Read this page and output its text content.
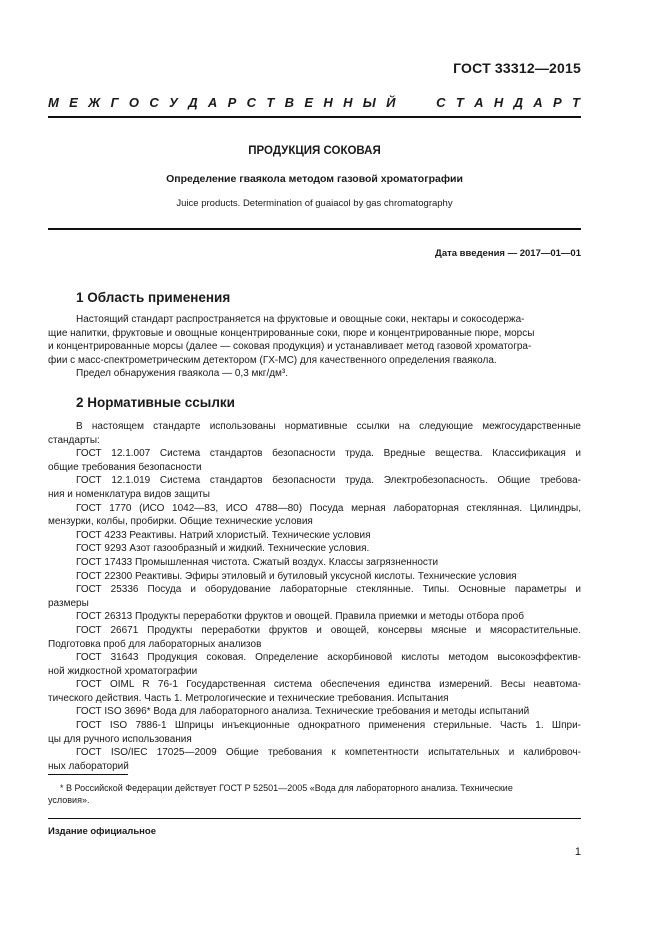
ГОСТ 33312—2015
М Е Ж Г О С У Д А Р С Т В Е Н Н Ы Й	С Т А Н Д А Р Т
ПРОДУКЦИЯ СОКОВАЯ
Определение гваякола методом газовой хроматографии
Juice products. Determination of guaiacol by gas chromatography
Дата введения — 2017—01—01
1 Область применения
Настоящий стандарт распространяется на фруктовые и овощные соки, нектары и сокосодержа-
щие напитки, фруктовые и овощные концентрированные соки, пюре и концентрированные пюре, морсы
и концентрированные морсы (далее — соковая продукция) и устанавливает метод газовой хроматогра-
фии с масс-спектрометрическим детектором (ГХ-МС) для качественного определения гваякола.
Предел обнаружения гваякола — 0,3 мкг/дм³.
2 Нормативные ссылки
В настоящем стандарте использованы нормативные ссылки на следующие межгосударственные
стандарты:
ГОСТ 12.1.007 Система стандартов безопасности труда. Вредные вещества. Классификация и
общие требования безопасности
ГОСТ 12.1.019 Система стандартов безопасности труда. Электробезопасность. Общие требова-
ния и номенклатура видов защиты
ГОСТ 1770 (ИСО 1042—83, ИСО 4788—80) Посуда мерная лабораторная стеклянная. Цилиндры,
мензурки, колбы, пробирки. Общие технические условия
ГОСТ 4233 Реактивы. Натрий хлористый. Технические условия
ГОСТ 9293 Азот газообразный и жидкий. Технические условия.
ГОСТ 17433 Промышленная чистота. Сжатый воздух. Классы загрязненности
ГОСТ 22300 Реактивы. Эфиры этиловый и бутиловый уксусной кислоты. Технические условия
ГОСТ 25336 Посуда и оборудование лабораторные стеклянные. Типы. Основные параметры и
размеры
ГОСТ 26313 Продукты переработки фруктов и овощей. Правила приемки и методы отбора проб
ГОСТ 26671 Продукты переработки фруктов и овощей, консервы мясные и мясорастительные.
Подготовка проб для лабораторных анализов
ГОСТ 31643 Продукция соковая. Определение аскорбиновой кислоты методом высокоэффектив-
ной жидкостной хроматографии
ГОСТ OIML R 76-1 Государственная система обеспечения единства измерений. Весы неавтома-
тического действия. Часть 1. Метрологические и технические требования. Испытания
ГОСТ ISO 3696* Вода для лабораторного анализа. Технические требования и методы испытаний
ГОСТ ISO 7886-1 Шприцы инъекционные однократного применения стерильные. Часть 1. Шпри-
цы для ручного использования
ГОСТ ISO/IEC 17025—2009 Общие требования к компетентности испытательных и калибровоч-
ных лабораторий
* В Российской Федерации действует ГОСТ Р 52501—2005 «Вода для лабораторного анализа. Технические
условия».
Издание официальное
1
